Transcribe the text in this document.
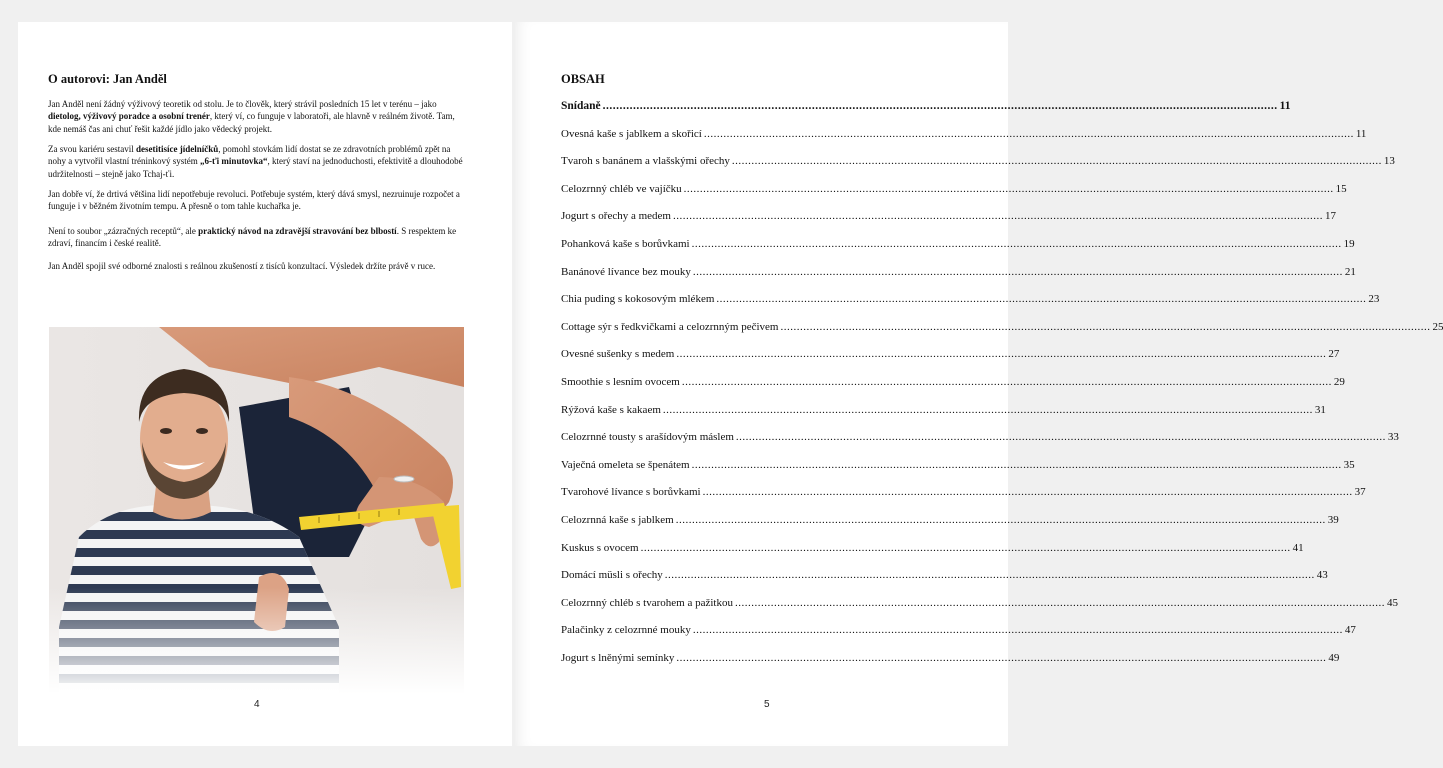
O autorovi: Jan Anděl

Jan Anděl není žádný výživový teoretik od stolu. Je to člověk, který strávil posledních 15 let v terénu – jako dietolog, výživový poradce a osobní trenér, který ví, co funguje v laboratoři, ale hlavně v reálném životě. Tam, kde nemáš čas ani chuť řešit každé jídlo jako vědecký projekt.

Za svou kariéru sestavil desetitisíce jídelníčků, pomohl stovkám lidí dostat se ze zdravotních problémů zpět na nohy a vytvořil vlastní tréninkový systém „6-ťi minutovka“, který staví na jednoduchosti, efektivitě a dlouhodobé udržitelnosti – stejně jako Tchaj-ťi.

Jan dobře ví, že drtivá většina lidí nepotřebuje revoluci. Potřebuje systém, který dává smysl, nezruinuje rozpočet a funguje i v běžném životním tempu. A přesně o tom tahle kuchařka je.

Není to soubor „zázračných receptů“, ale praktický návod na zdravější stravování bez blbostí. S respektem ke zdraví, financím i české realitě.

Jan Anděl spojil své odborné znalosti s reálnou zkušeností z tisíců konzultací. Výsledek držíte právě v ruce.

4
OBSAH
Snídaně ........................................................................................................................................................................................................ 11
Ovesná kaše s jablkem a skořicí ........................................................................................................................................................................................................ 11
Tvaroh s banánem a vlašskými ořechy ........................................................................................................................................................................................................ 13
Celozrnný chléb ve vajíčku ........................................................................................................................................................................................................ 15
Jogurt s ořechy a medem ........................................................................................................................................................................................................ 17
Pohanková kaše s borůvkami ........................................................................................................................................................................................................ 19
Banánové lívance bez mouky ........................................................................................................................................................................................................ 21
Chia puding s kokosovým mlékem ........................................................................................................................................................................................................ 23
Cottage sýr s ředkvičkami a celozrnným pečivem ........................................................................................................................................................................................................ 25
Ovesné sušenky s medem ........................................................................................................................................................................................................ 27
Smoothie s lesním ovocem ........................................................................................................................................................................................................ 29
Rýžová kaše s kakaem ........................................................................................................................................................................................................ 31
Celozrnné tousty s arašídovým máslem ........................................................................................................................................................................................................ 33
Vaječná omeleta se špenátem ........................................................................................................................................................................................................ 35
Tvarohové lívance s borůvkami ........................................................................................................................................................................................................ 37
Celozrnná kaše s jablkem ........................................................................................................................................................................................................ 39
Kuskus s ovocem ........................................................................................................................................................................................................ 41
Domácí müsli s ořechy ........................................................................................................................................................................................................ 43
Celozrnný chléb s tvarohem a pažitkou ........................................................................................................................................................................................................ 45
Palačinky z celozrnné mouky ........................................................................................................................................................................................................ 47
Jogurt s lněnými semínky ........................................................................................................................................................................................................ 49
5
